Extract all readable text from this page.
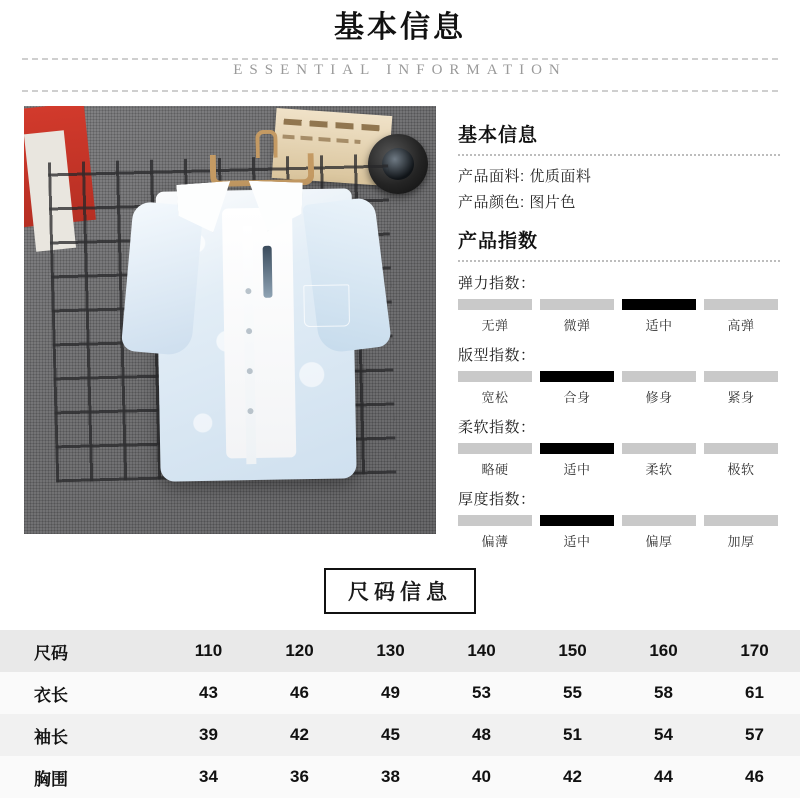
基本信息
ESSENTIAL INFORMATION
基本信息
产品面料: 优质面料
产品颜色: 图片色
产品指数
弹力指数：
无弹	微弹	适中	高弹
版型指数：
宽松	合身	修身	紧身
柔软指数：
略硬	适中	柔软	极软
厚度指数：
偏薄	适中	偏厚	加厚
尺码信息
尺码	110	120	130	140	150	160	170
衣长	43	46	49	53	55	58	61
袖长	39	42	45	48	51	54	57
胸围	34	36	38	40	42	44	46
